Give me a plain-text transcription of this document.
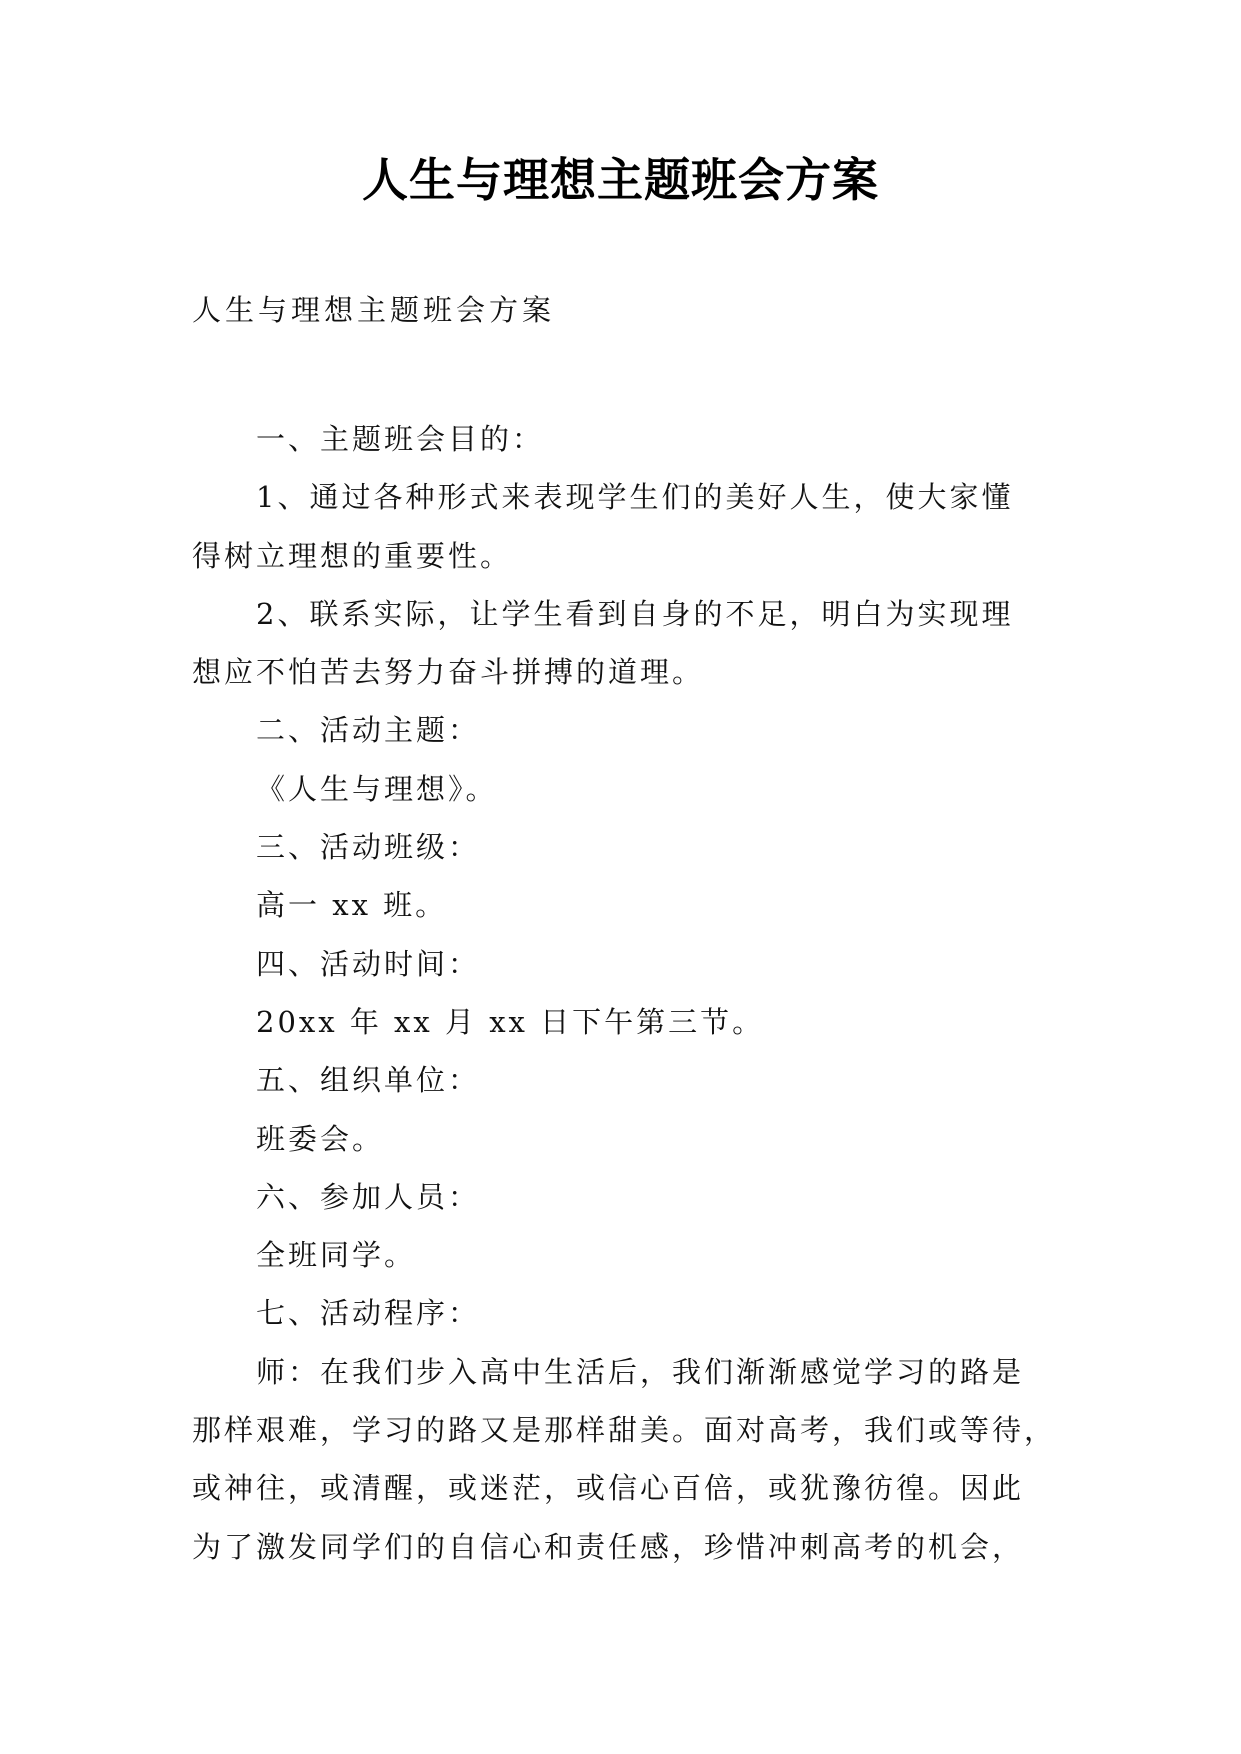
人生与理想主题班会方案
人生与理想主题班会方案
一、主题班会目的：
1、通过各种形式来表现学生们的美好人生，使大家懂
得树立理想的重要性。
2、联系实际，让学生看到自身的不足，明白为实现理
想应不怕苦去努力奋斗拼搏的道理。
二、活动主题：
《人生与理想》。
三、活动班级：
高一 xx 班。
四、活动时间：
20xx 年 xx 月 xx 日下午第三节。
五、组织单位：
班委会。
六、参加人员：
全班同学。
七、活动程序：
师：在我们步入高中生活后，我们渐渐感觉学习的路是
那样艰难，学习的路又是那样甜美。面对高考，我们或等待，
或神往，或清醒，或迷茫，或信心百倍，或犹豫彷徨。因此
为了激发同学们的自信心和责任感，珍惜冲刺高考的机会，
